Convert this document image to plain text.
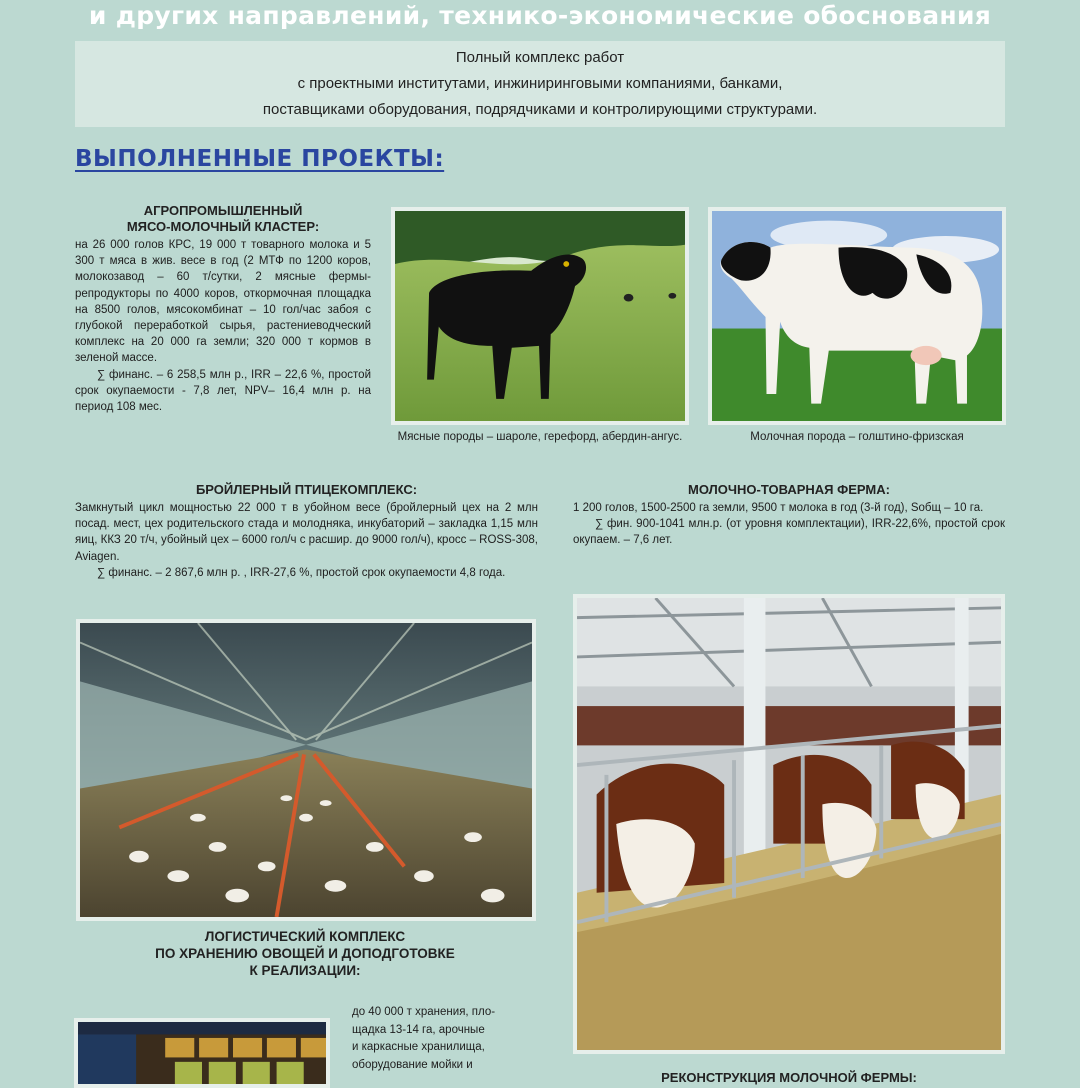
и других направлений, технико-экономические обоснования
Полный комплекс работ
с проектными институтами, инжиниринговыми компаниями, банками,
поставщиками оборудования, подрядчиками и контролирующими структурами.
ВЫПОЛНЕННЫЕ ПРОЕКТЫ:
АГРОПРОМЫШЛЕННЫЙ
МЯСО-МОЛОЧНЫЙ КЛАСТЕР:

на 26 000 голов КРС, 19 000 т товарного молока и 5 300 т мяса в жив. весе в год (2 МТФ по 1200 коров, молокозавод – 60 т/сутки, 2 мясные фермы-репродукторы по 4000 коров, откормочная площадка на 8500 голов, мясокомбинат – 10 гол/час забоя с глубокой переработкой сырья, растениеводческий комплекс на 20 000 га земли; 320 000 т кормов в зеленой массе.

∑ финанс. – 6 258,5 млн р., IRR – 22,6 %, простой срок окупаемости - 7,8 лет, NPV– 16,4 млн р. на период 108 мес.

Мясные породы – шароле, герефорд, абердин-ангус.	Молочная порода – голштино-фризская
БРОЙЛЕРНЫЙ ПТИЦЕКОМПЛЕКС:

Замкнутый цикл мощностью 22 000 т в убойном весе (бройлерный цех на 2 млн посад. мест, цех родительского стада и молодняка, инкубаторий – закладка 1,15 млн яиц, ККЗ 20 т/ч, убойный цех – 6000 гол/ч с расшир. до 9000 гол/ч), кросс – ROSS-308, Aviagen.

∑ финанс. – 2 867,6 млн р. , IRR-27,6 %, простой срок окупаемости 4,8 года.

МОЛОЧНО-ТОВАРНАЯ ФЕРМА:

1 200 голов, 1500-2500 га земли, 9500 т молока в год (3-й год), Sобщ – 10 га.

∑ фин. 900-1041 млн.р. (от уровня комплектации), IRR-22,6%, простой срок окупаем. – 7,6 лет.

ЛОГИСТИЧЕСКИЙ КОМПЛЕКС
ПО ХРАНЕНИЮ ОВОЩЕЙ И ДОПОДГОТОВКЕ
К РЕАЛИЗАЦИИ:
до 40 000 т хранения, пло-
щадка 13-14 га, арочные
и каркасные хранилища,
оборудование мойки и
РЕКОНСТРУКЦИЯ МОЛОЧНОЙ ФЕРМЫ:
